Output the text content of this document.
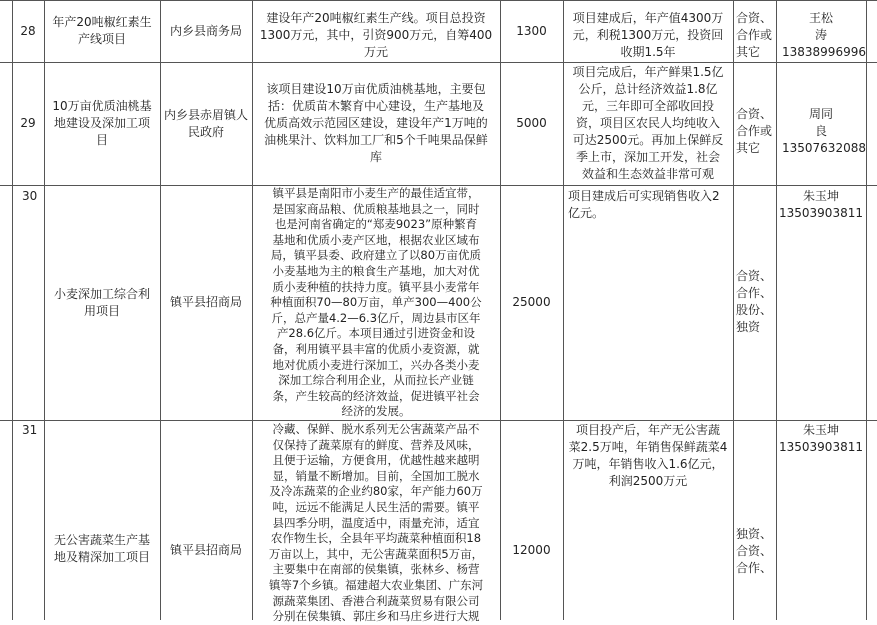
28
年产20吨椒红素生
产线项目
内乡县商务局
建设年产20吨椒红素生产线。项目总投资
1300万元，其中，引资900万元，自筹400
万元
1300
项目建成后，年产值4300万
元，利税1300万元，投资回
收期1.5年
合资、
合作或
其它
王松
涛
13838996996
29
10万亩优质油桃基
地建设及深加工项
目
内乡县赤眉镇人
民政府
该项目建设10万亩优质油桃基地，主要包
括：优质苗木繁育中心建设，生产基地及
优质高效示范园区建设，建设年产1万吨的
油桃果汁、饮料加工厂和5个千吨果品保鲜
库
5000
项目完成后，年产鲜果1.5亿
公斤，总计经济效益1.8亿
元，三年即可全部收回投
资，项目区农民人均纯收入
可达2500元。再加上保鲜反
季上市，深加工开发，社会
效益和生态效益非常可观
合资、
合作或
其它
周同
良
13507632088
30
小麦深加工综合利
用项目
镇平县招商局
镇平县是南阳市小麦生产的最佳适宜带，
是国家商品粮、优质粮基地县之一，同时
也是河南省确定的“郑麦9023”原种繁育
基地和优质小麦产区地，根据农业区域布
局，镇平县委、政府建立了以80万亩优质
小麦基地为主的粮食生产基地，加大对优
质小麦种植的扶持力度。镇平县小麦常年
种植面积70—80万亩，单产300—400公
斤，总产量4.2—6.3亿斤，周边县市区年
产28.6亿斤。本项目通过引进资金和设
备，利用镇平县丰富的优质小麦资源，就
地对优质小麦进行深加工，兴办各类小麦
深加工综合利用企业，从而拉长产业链
条，产生较高的经济效益，促进镇平社会
经济的发展。
25000
项目建成后可实现销售收入2
亿元。
合资、
合作、
股份、
独资
朱玉坤
13503903811
31
无公害蔬菜生产基
地及精深加工项目	镇平县招商局
冷藏、保鲜、脱水系列无公害蔬菜产品不
仅保持了蔬菜原有的鲜度、营养及风味，
且便于运输，方便食用，优越性越来越明
显，销量不断增加。目前，全国加工脱水
及冷冻蔬菜的企业约80家，年产能力60万
吨，远远不能满足人民生活的需要。镇平
县四季分明，温度适中，雨量充沛，适宜
农作物生长，全县年平均蔬菜种植面积18
万亩以上，其中，无公害蔬菜面积5万亩，
主要集中在南部的侯集镇，张林乡、杨营
镇等7个乡镇。福建超大农业集团、广东河
源蔬菜集团、香港合利蔬菜贸易有限公司
分别在侯集镇、郭庄乡和马庄乡进行大规
12000
项目投产后，年产无公害蔬
菜2.5万吨，年销售保鲜蔬菜4
万吨，年销售收入1.6亿元，
利润2500万元
独资、
合资、
合作、
朱玉坤
13503903811
